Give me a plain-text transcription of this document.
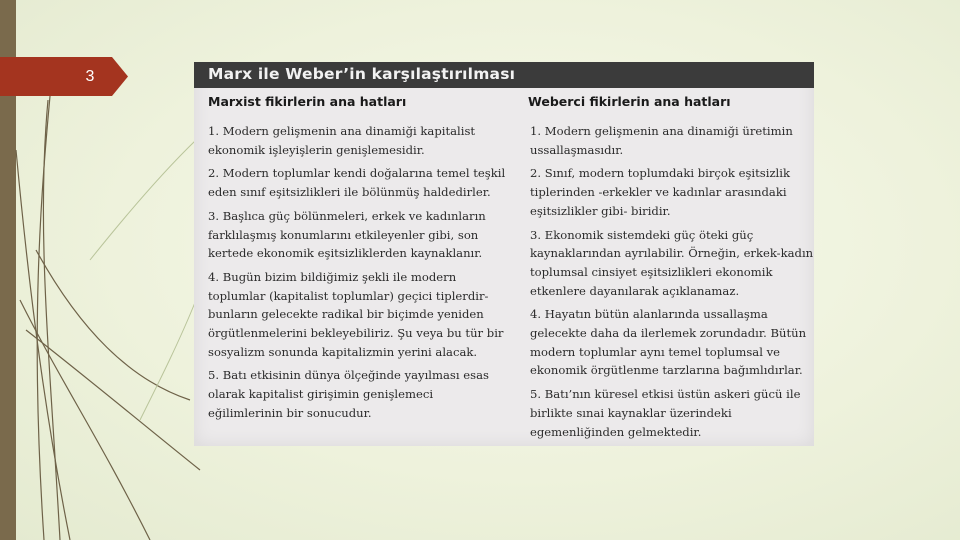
3	Marx ile Weber’in karşılaştırılması
Marxist fikirlerin ana hatları	Weberci fikirlerin ana hatları
1. Modern gelişmenin ana dinamiği kapitalist
ekonomik işleyişlerin genişlemesidir.
2. Modern toplumlar kendi doğalarına temel teşkil
eden sınıf eşitsizlikleri ile bölünmüş haldedirler.
3. Başlıca güç bölünmeleri, erkek ve kadınların
farklılaşmış konumlarını etkileyenler gibi, son
kertede ekonomik eşitsizliklerden kaynaklanır.
4. Bugün bizim bildiğimiz şekli ile modern
toplumlar (kapitalist toplumlar) geçici tiplerdir-
bunların gelecekte radikal bir biçimde yeniden
örgütlenmelerini bekleyebiliriz. Şu veya bu tür bir
sosyalizm sonunda kapitalizmin yerini alacak.
5. Batı etkisinin dünya ölçeğinde yayılması esas
olarak kapitalist girişimin genişlemeci
eğilimlerinin bir sonucudur.
1. Modern gelişmenin ana dinamiği üretimin
ussallaşmasıdır.
2. Sınıf, modern toplumdaki birçok eşitsizlik
tiplerinden -erkekler ve kadınlar arasındaki
eşitsizlikler gibi- biridir.
3. Ekonomik sistemdeki güç öteki güç
kaynaklarından ayrılabilir. Örneğin, erkek-kadın
toplumsal cinsiyet eşitsizlikleri ekonomik
etkenlere dayanılarak açıklanamaz.
4. Hayatın bütün alanlarında ussallaşma
gelecekte daha da ilerlemek zorundadır. Bütün
modern toplumlar aynı temel toplumsal ve
ekonomik örgütlenme tarzlarına bağımlıdırlar.
5. Batı’nın küresel etkisi üstün askeri gücü ile
birlikte sınai kaynaklar üzerindeki
egemenliğinden gelmektedir.
